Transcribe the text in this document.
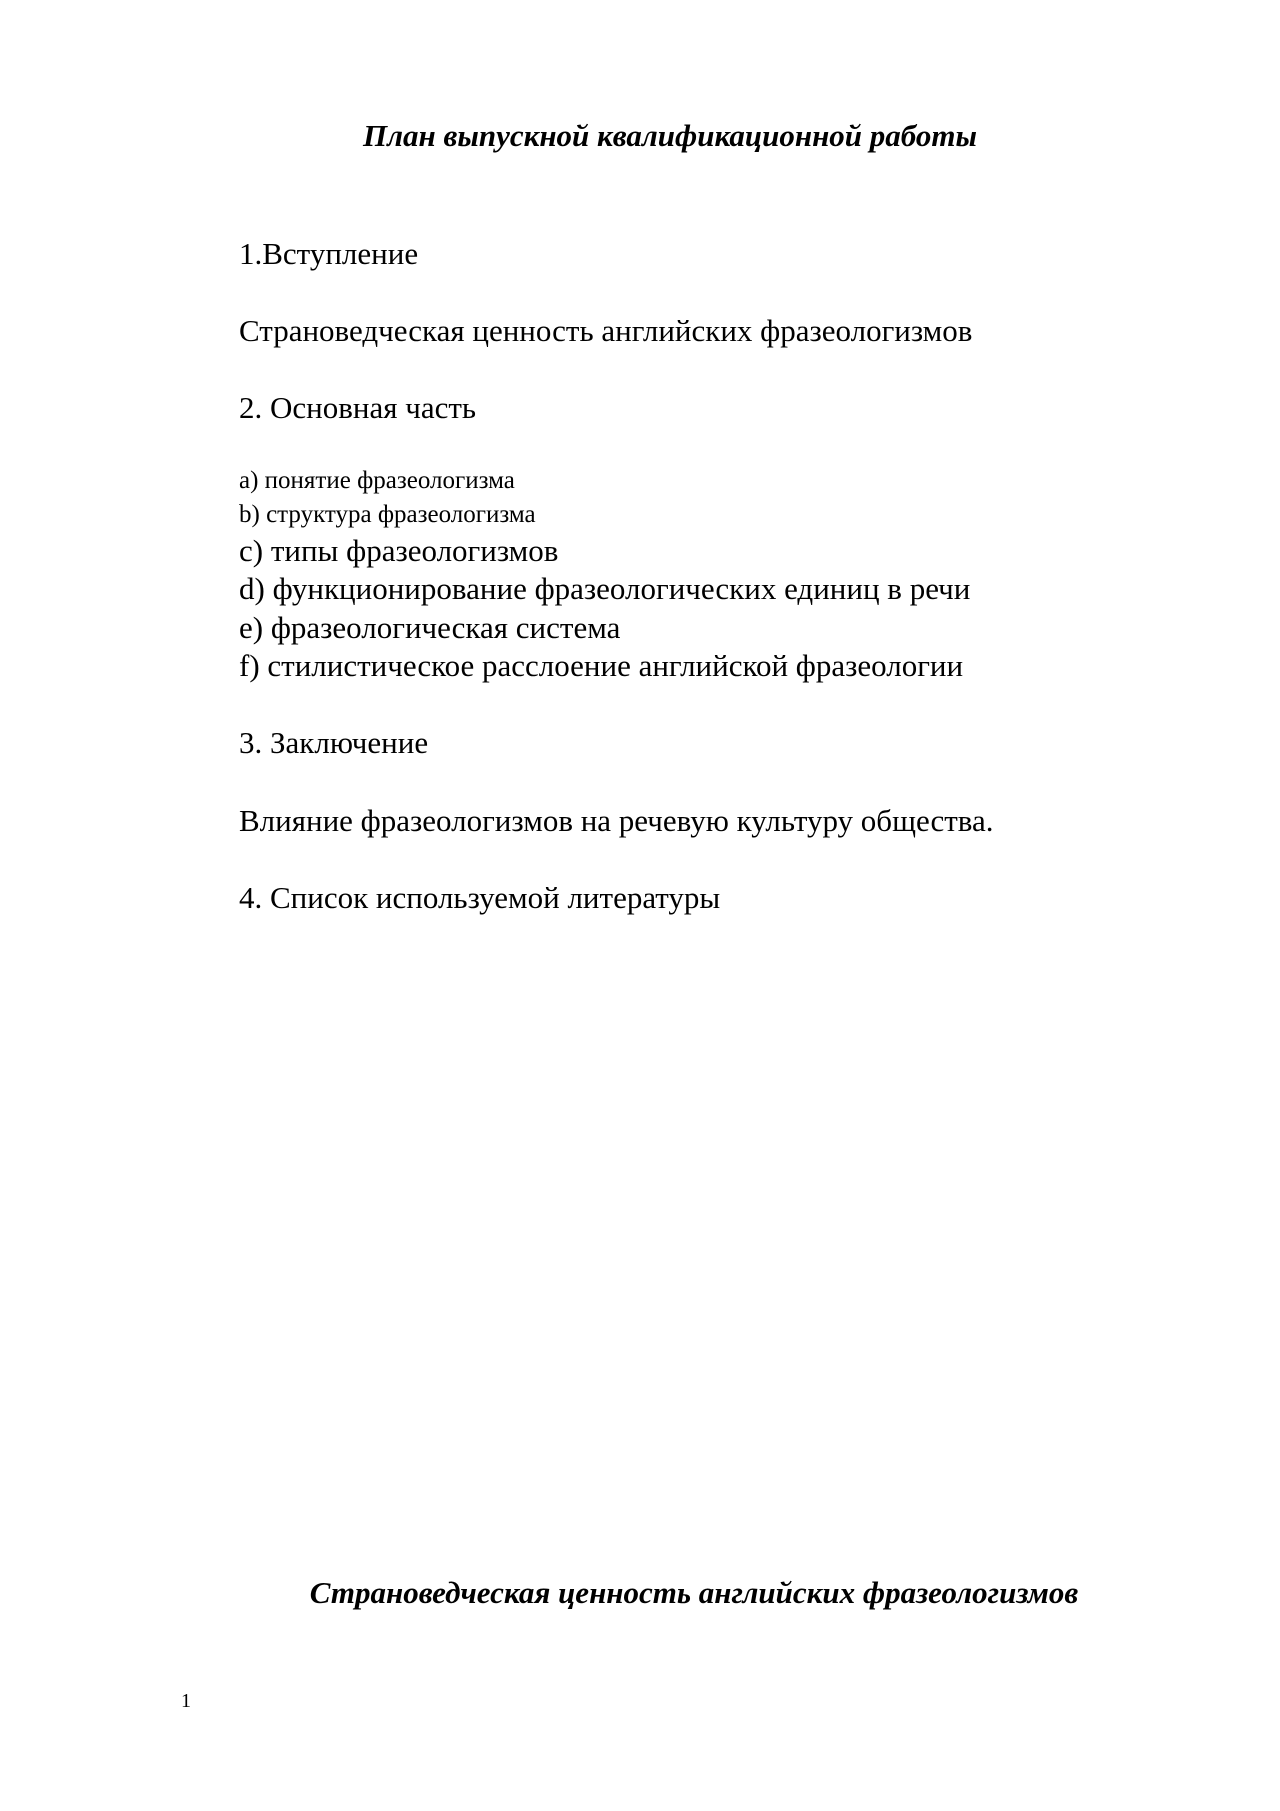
План выпускной квалификационной работы
1.Вступление
Страноведческая ценность английских фразеологизмов
2. Основная часть
a) понятие фразеологизма
b) структура фразеологизма
c) типы фразеологизмов
d) функционирование фразеологических единиц в речи
e) фразеологическая система
f) стилистическое расслоение английской фразеологии
3. Заключение
Влияние фразеологизмов на речевую культуру общества.
4. Список используемой литературы
Страноведческая ценность английских фразеологизмов
1
